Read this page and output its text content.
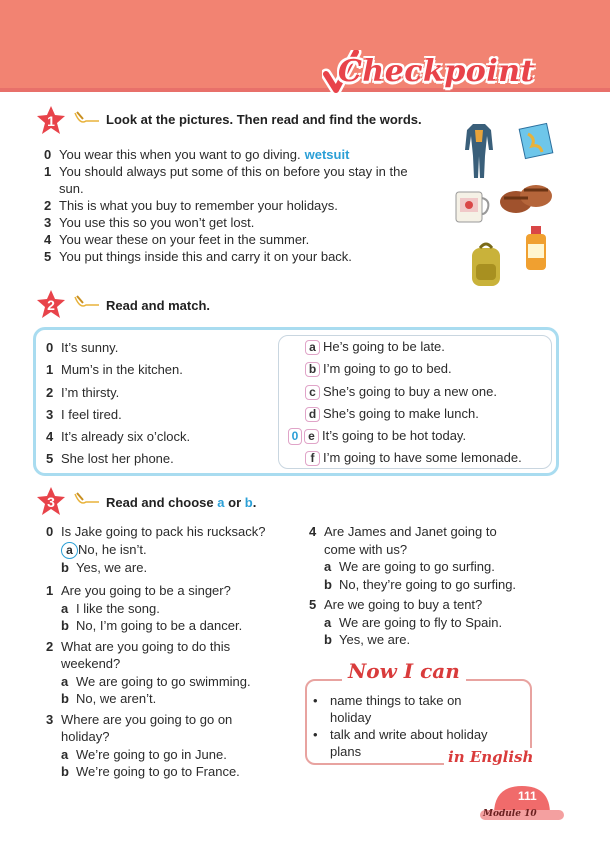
Checkpoint
1	Look at the pictures. Then read and find the words.
0 You wear this when you want to go diving. wetsuit
1 You should always put some of this on before you stay in the
sun.
2 This is what you buy to remember your holidays.
3 You use this so you won’t get lost.
4 You wear these on your feet in the summer.
5 You put things inside this and carry it on your back.
2	Read and match.
0 It’s sunny.
1 Mum’s in the kitchen.
2 I’m thirsty.
3 I feel tired.
4 It’s already six o’clock.
5 She lost her phone.
a He’s going to be late.
b I’m going to go to bed.
c She’s going to buy a new one.
d She’s going to make lunch.
0 e It’s going to be hot today.
f I’m going to have some lemonade.
3	Read and choose a or b.
0 Is Jake going to pack his rucksack?
a No, he isn’t.
b Yes, we are.
1 Are you going to be a singer?
a I like the song.
b No, I’m going to be a dancer.
2 What are you going to do this
weekend?
a We are going to go swimming.
b No, we aren’t.
3 Where are you going to go on
holiday?
a We’re going to go in June.
b We’re going to go to France.
4 Are James and Janet going to
come with us?
a We are going to go surfing.
b No, they’re going to go surfing.
5 Are we going to buy a tent?
a We are going to fly to Spain.
b Yes, we are.
Now I can
• name things to take on
holiday
• talk and write about holiday
plans	in English
111
Module 10
